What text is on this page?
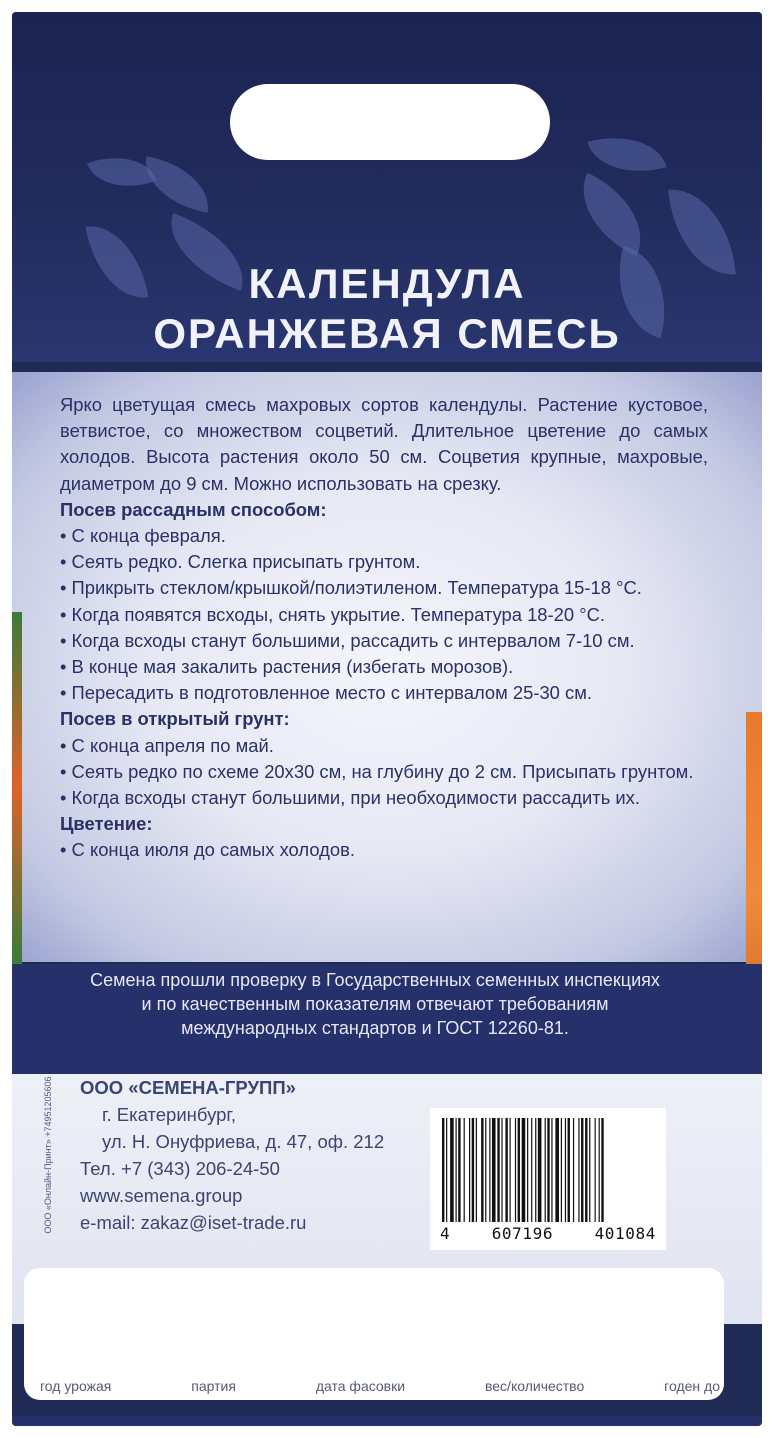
КАЛЕНДУЛА
ОРАНЖЕВАЯ СМЕСЬ

Ярко цветущая смесь махровых сортов календулы. Растение кустовое, ветвистое, со множеством соцветий. Длительное цветение до самых холодов. Высота растения около 50 см. Соцветия крупные, махровые, диаметром до 9 см. Можно использовать на срезку.

Посев рассадным способом:

• С конца февраля.

• Сеять редко. Слегка присыпать грунтом.

• Прикрыть стеклом/крышкой/полиэтиленом. Температура 15-18 °С.

• Когда появятся всходы, снять укрытие. Температура 18-20 °С.

• Когда всходы станут большими, рассадить с интервалом 7-10 см.

• В конце мая закалить растения (избегать морозов).

• Пересадить в подготовленное место с интервалом 25-30 см.

Посев в открытый грунт:

• С конца апреля по май.

• Сеять редко по схеме 20х30 см, на глубину до 2 см. Присыпать грунтом.

• Когда всходы станут большими, при необходимости рассадить их.

Цветение:

• С конца июля до самых холодов.

Семена прошли проверку в Государственных семенных инспекциях
и по качественным показателям отвечают требованиям
международных стандартов и ГОСТ 12260-81.
ООО «Онлайн-Принт» +74951205606 ООО «СЕМЕНА-ГРУПП»
г. Екатеринбург,
ул. Н. Онуфриева, д. 47, оф. 212
Тел. +7 (343) 206-24-50
www.semena.group
e-mail: zakaz@iset-trade.ru
4	607196	401084
год урожая	партия	дата фасовки	вес/количество	годен до
